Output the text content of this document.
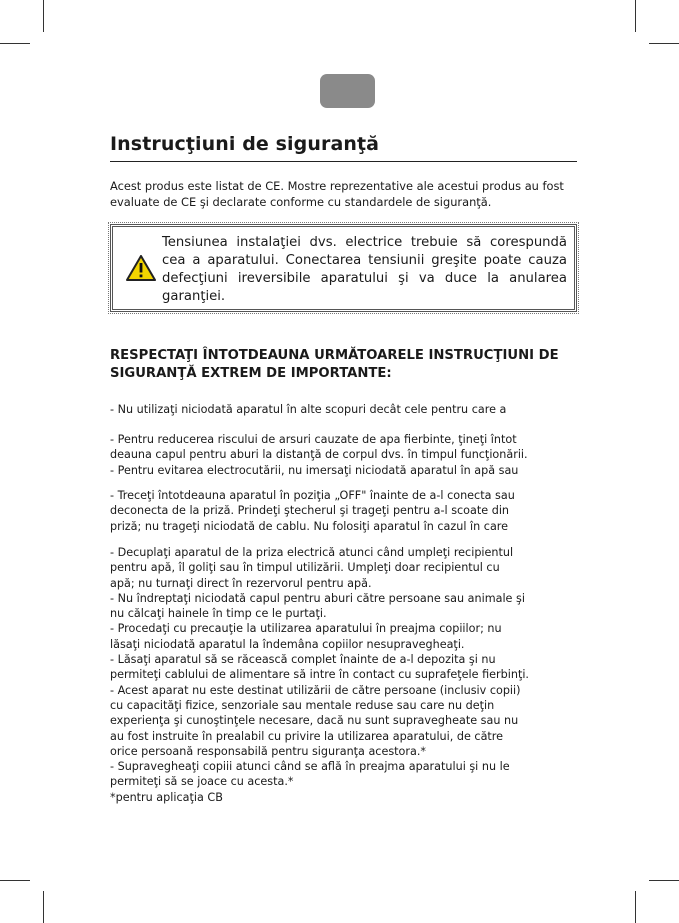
Instrucţiuni de siguranţă

Acest produs este listat de CE. Mostre reprezentative ale acestui produs au fost evaluate de CE şi declarate conforme cu standardele de siguranţă.

Tensiunea instalaţiei dvs. electrice trebuie să corespundă cea a aparatului. Conectarea tensiunii greşite poate cauza defecţiuni ireversibile aparatului şi va duce la anularea garanţiei.

RESPECTAŢI ÎNTOTDEAUNA URMĂTOARELE INSTRUCŢIUNI DE SIGURANŢĂ EXTREM DE IMPORTANTE:

- Nu utilizaţi niciodată aparatul în alte scopuri decât cele pentru care a

- Pentru reducerea riscului de arsuri cauzate de apa fierbinte, ţineţi întot
deauna capul pentru aburi la distanţă de corpul dvs. în timpul funcţionării.
- Pentru evitarea electrocutării, nu imersaţi niciodată aparatul în apă sau

- Treceţi întotdeauna aparatul în poziţia „OFF" înainte de a-l conecta sau
deconecta de la priză. Prindeţi ştecherul şi trageţi pentru a-l scoate din
priză; nu trageţi niciodată de cablu. Nu folosiţi aparatul în cazul în care

- Decuplaţi aparatul de la priza electrică atunci când umpleţi recipientul
pentru apă, îl goliţi sau în timpul utilizării. Umpleţi doar recipientul cu
apă; nu turnaţi direct în rezervorul pentru apă.
- Nu îndreptaţi niciodată capul pentru aburi către persoane sau animale şi
nu călcaţi hainele în timp ce le purtaţi.
- Procedaţi cu precauţie la utilizarea aparatului în preajma copiilor; nu
lăsaţi niciodată aparatul la îndemâna copiilor nesupravegheaţi.
- Lăsaţi aparatul să se răcească complet înainte de a-l depozita şi nu
permiteţi cablului de alimentare să intre în contact cu suprafeţele fierbinţi.
- Acest aparat nu este destinat utilizării de către persoane (inclusiv copii)
cu capacităţi fizice, senzoriale sau mentale reduse sau care nu deţin
experienţa şi cunoştinţele necesare, dacă nu sunt supravegheate sau nu
au fost instruite în prealabil cu privire la utilizarea aparatului, de către
orice persoană responsabilă pentru siguranţa acestora.*
- Supravegheaţi copiii atunci când se află în preajma aparatului şi nu le
permiteţi să se joace cu acesta.*
*pentru aplicaţia CB
